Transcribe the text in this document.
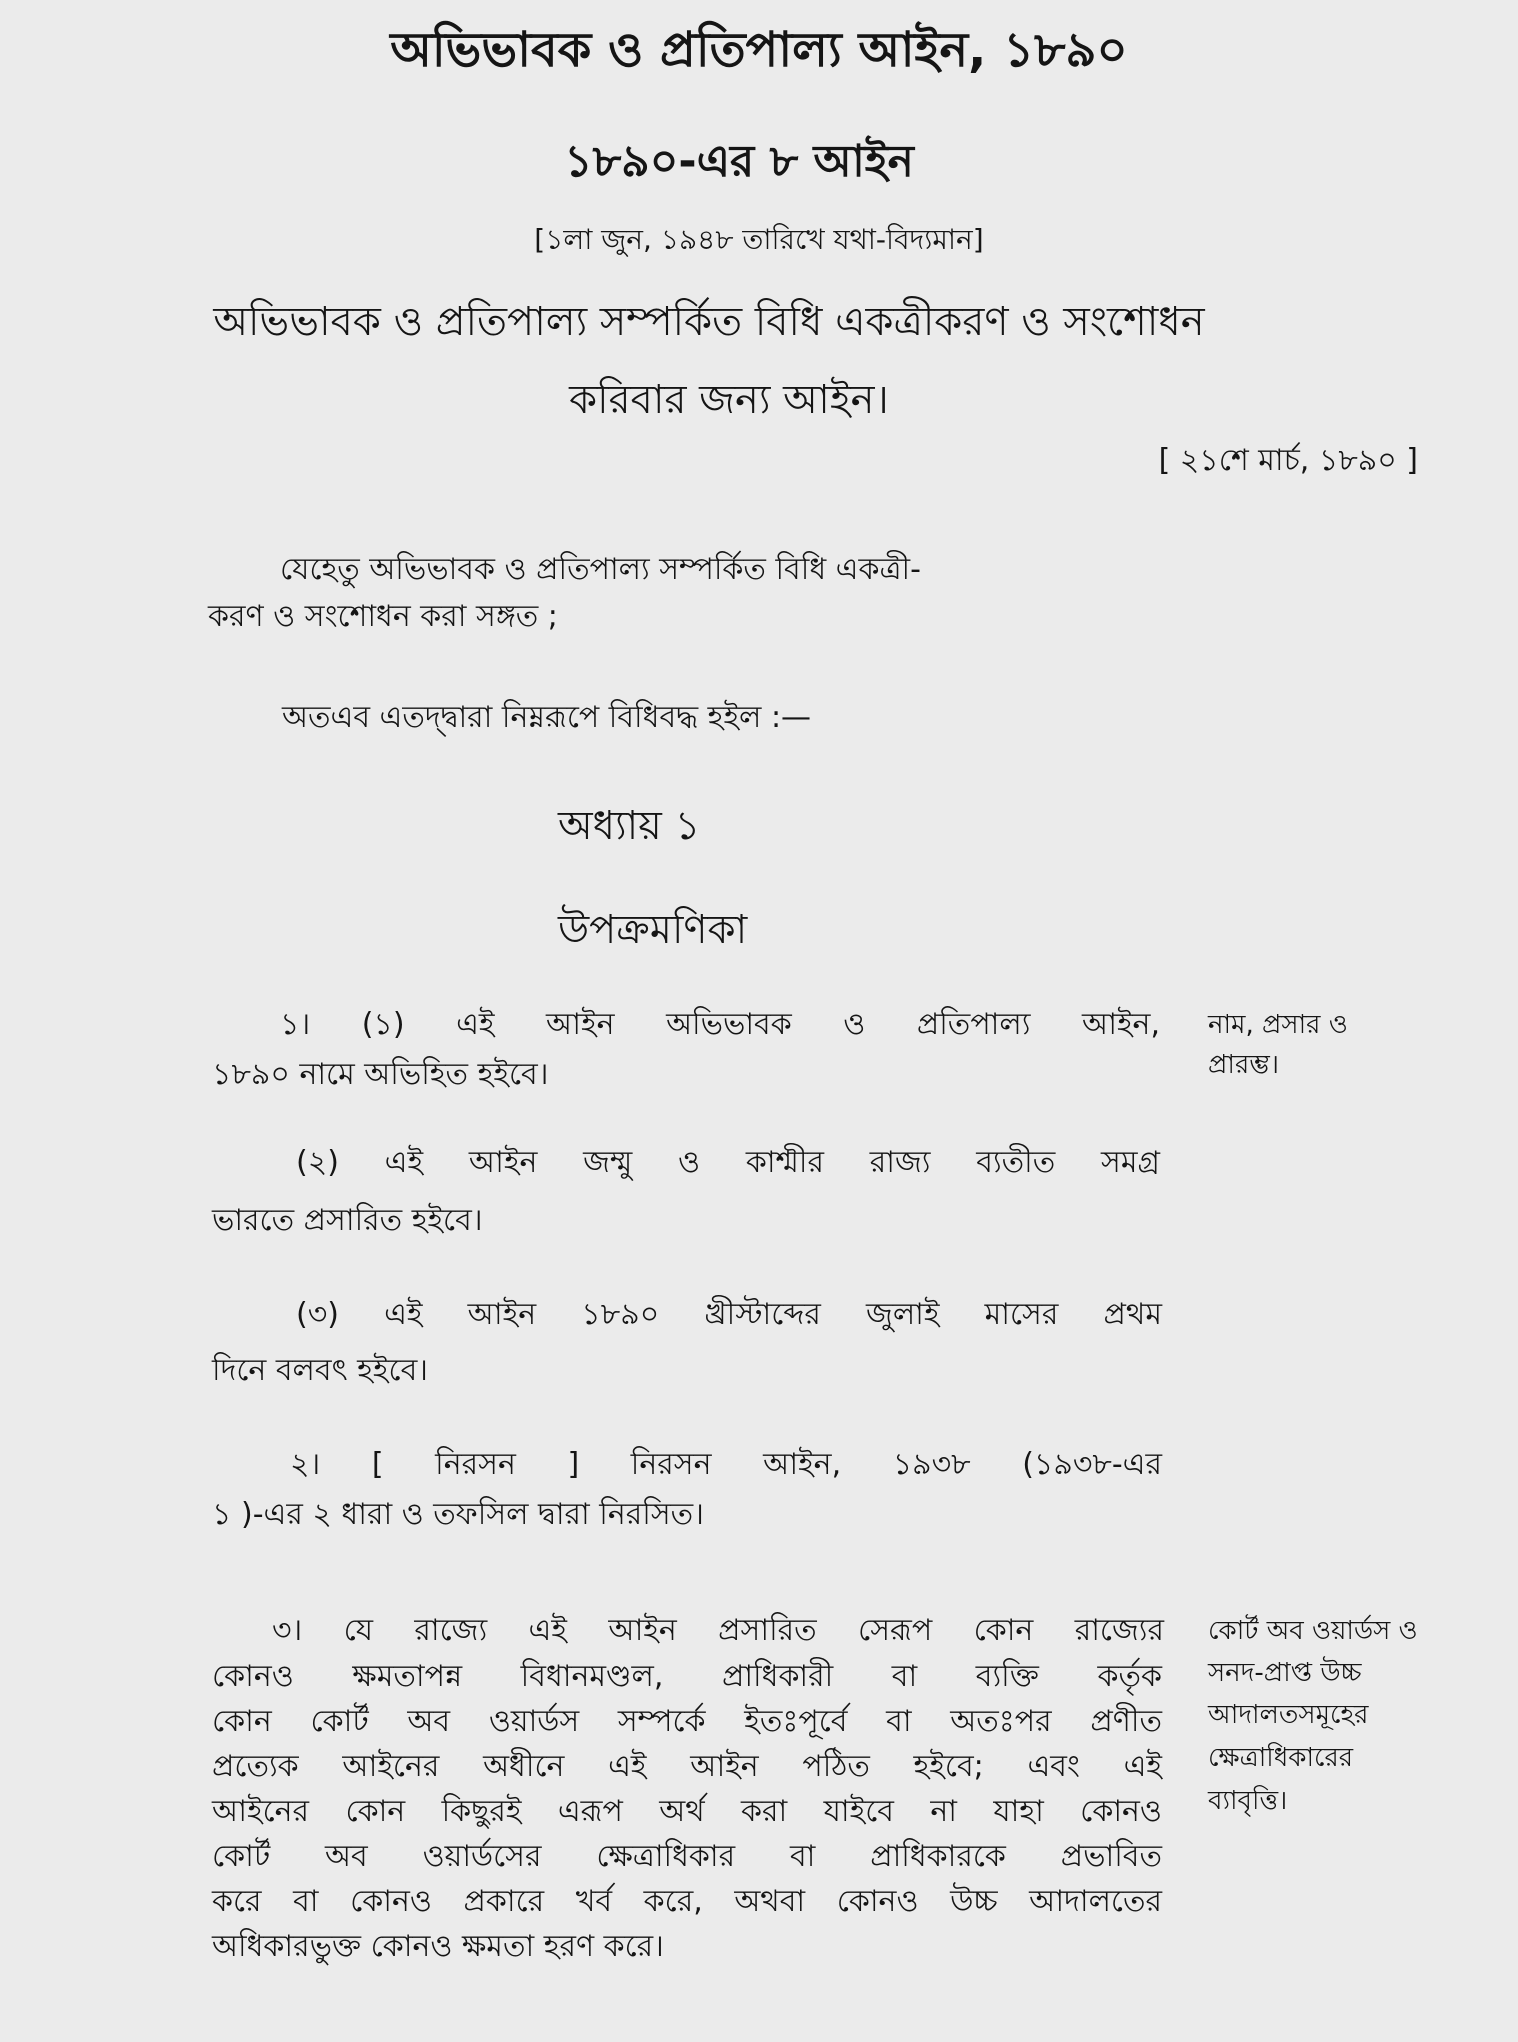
অভিভাবক ও প্রতিপাল্য আইন, ১৮৯০
১৮৯০-এর ৮ আইন
[১লা জুন, ১৯৪৮ তারিখে যথা-বিদ্যমান]
অভিভাবক ও প্রতিপাল্য সম্পর্কিত বিধি একত্রীকরণ ও সংশোধন
করিবার জন্য আইন।
[ ২১শে মার্চ, ১৮৯০ ]
যেহেতু অভিভাবক ও প্রতিপাল্য সম্পর্কিত বিধি একত্রী-
করণ ও সংশোধন করা সঙ্গত ;
অতএব এতদ্দ্বারা নিম্নরূপে বিধিবদ্ধ হইল :—
অধ্যায় ১
উপক্রমণিকা
১। (১) এই আইন অভিভাবক ও প্রতিপাল্য আইন,
১৮৯০ নামে অভিহিত হইবে।
নাম, প্রসার ও
প্রারম্ভ।
(২) এই আইন জম্মু ও কাশ্মীর রাজ্য ব্যতীত সমগ্র
ভারতে প্রসারিত হইবে।
(৩) এই আইন ১৮৯০ খ্রীস্টাব্দের জুলাই মাসের প্রথম
দিনে বলবৎ হইবে।
২। [ নিরসন ] নিরসন আইন, ১৯৩৮ (১৯৩৮-এর
১ )-এর ২ ধারা ও তফসিল দ্বারা নিরসিত।
৩। যে রাজ্যে এই আইন প্রসারিত সেরূপ কোন রাজ্যের
কোনও ক্ষমতাপন্ন বিধানমণ্ডল, প্রাধিকারী বা ব্যক্তি কর্তৃক
কোন কোর্ট অব ওয়ার্ডস সম্পর্কে ইতঃপূর্বে বা অতঃপর প্রণীত
প্রত্যেক আইনের অধীনে এই আইন পঠিত হইবে; এবং এই
আইনের কোন কিছুরই এরূপ অর্থ করা যাইবে না যাহা কোনও
কোর্ট অব ওয়ার্ডসের ক্ষেত্রাধিকার বা প্রাধিকারকে প্রভাবিত
করে বা কোনও প্রকারে খর্ব করে, অথবা কোনও উচ্চ আদালতের
অধিকারভুক্ত কোনও ক্ষমতা হরণ করে।
কোর্ট অব ওয়ার্ডস ও
সনদ-প্রাপ্ত উচ্চ
আদালতসমূহের
ক্ষেত্রাধিকারের
ব্যাবৃত্তি।
